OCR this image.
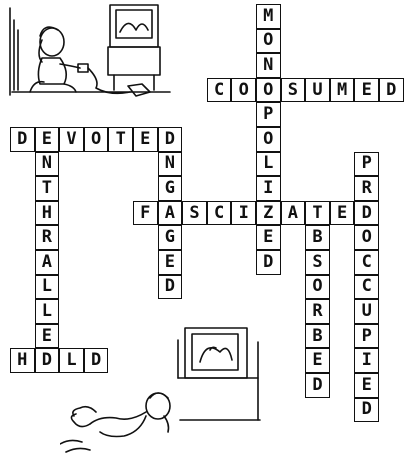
M
O
N
O
P
O
L
I
Z
E
D
C O	S U M E D
D E V O T E D
N
T
H
R
A
L
L
E
D
N
G
A
G
E
D
F	S C I	A T E D
P
R
O
C
C
U
P
I
E
D
B
S
O
R
B
E
D
H	L D
